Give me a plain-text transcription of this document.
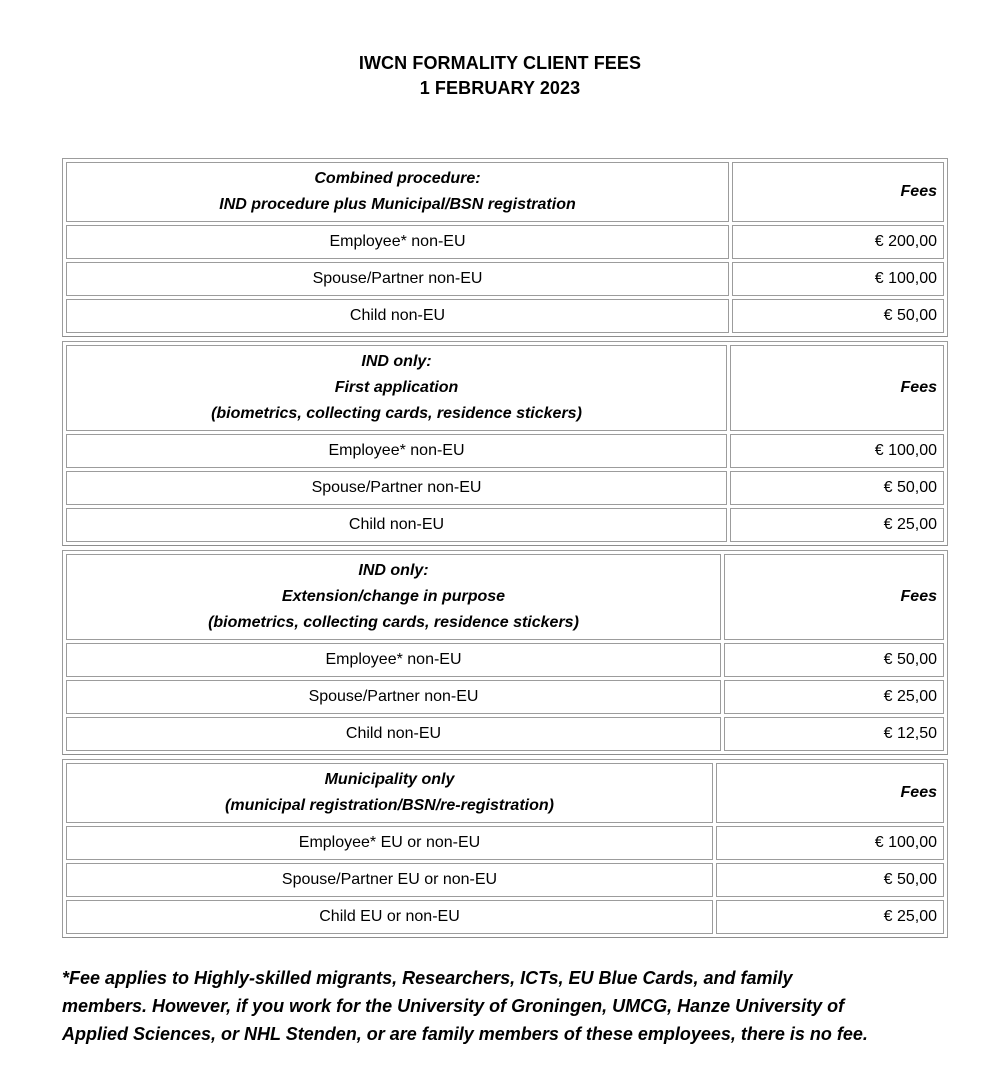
IWCN FORMALITY CLIENT FEES
1 FEBRUARY 2023
Combined procedure:
IND procedure plus Municipal/BSN registration	Fees
Employee* non-EU	€ 200,00
Spouse/Partner non-EU	€ 100,00
Child non-EU	€ 50,00
IND only:
First application
(biometrics, collecting cards, residence stickers)	Fees
Employee* non-EU	€ 100,00
Spouse/Partner non-EU	€ 50,00
Child non-EU	€ 25,00
IND only:
Extension/change in purpose
(biometrics, collecting cards, residence stickers)	Fees
Employee* non-EU	€ 50,00
Spouse/Partner non-EU	€ 25,00
Child non-EU	€ 12,50
Municipality only
(municipal registration/BSN/re-registration)	Fees
Employee* EU or non-EU	€ 100,00
Spouse/Partner EU or non-EU	€ 50,00
Child EU or non-EU	€ 25,00
*Fee applies to Highly-skilled migrants, Researchers, ICTs, EU Blue Cards, and family
members. However, if you work for the University of Groningen, UMCG, Hanze University of
Applied Sciences, or NHL Stenden, or are family members of these employees, there is no fee.
